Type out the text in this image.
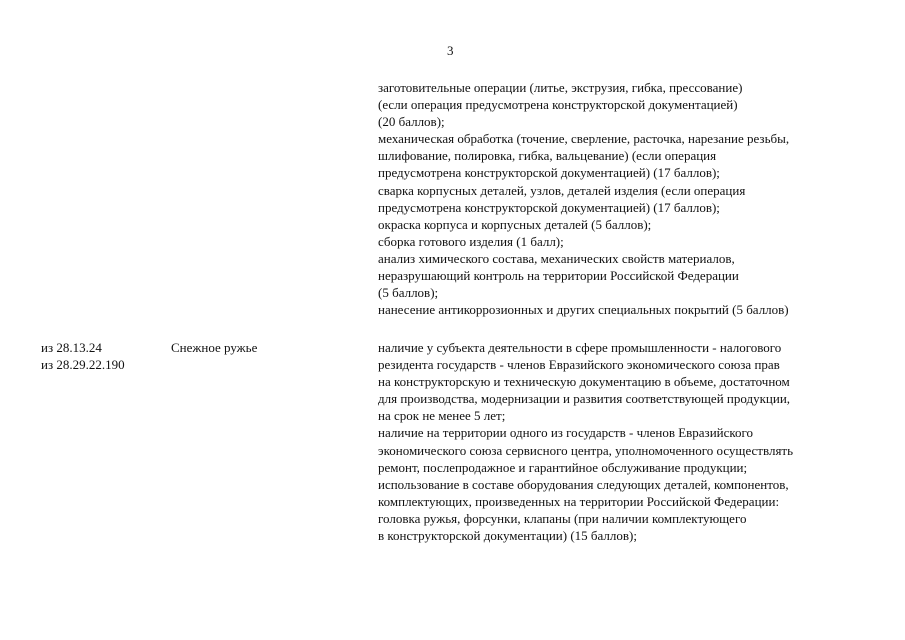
3
заготовительные операции (литье, экструзия, гибка, прессование)
(если операция предусмотрена конструкторской документацией)
(20 баллов);
механическая обработка (точение, сверление, расточка, нарезание резьбы,
шлифование, полировка, гибка, вальцевание) (если операция
предусмотрена конструкторской документацией) (17 баллов);
сварка корпусных деталей, узлов, деталей изделия (если операция
предусмотрена конструкторской документацией) (17 баллов);
окраска корпуса и корпусных деталей (5 баллов);
сборка готового изделия (1 балл);
анализ химического состава, механических свойств материалов,
неразрушающий контроль на территории Российской Федерации
(5 баллов);
нанесение антикоррозионных и других специальных покрытий (5 баллов)
из 28.13.24
из 28.29.22.190
Снежное ружье	наличие у субъекта деятельности в сфере промышленности - налогового
резидента государств - членов Евразийского экономического союза прав
на конструкторскую и техническую документацию в объеме, достаточном
для производства, модернизации и развития соответствующей продукции,
на срок не менее 5 лет;
наличие на территории одного из государств - членов Евразийского
экономического союза сервисного центра, уполномоченного осуществлять
ремонт, послепродажное и гарантийное обслуживание продукции;
использование в составе оборудования следующих деталей, компонентов,
комплектующих, произведенных на территории Российской Федерации:
головка ружья, форсунки, клапаны (при наличии комплектующего
в конструкторской документации) (15 баллов);
